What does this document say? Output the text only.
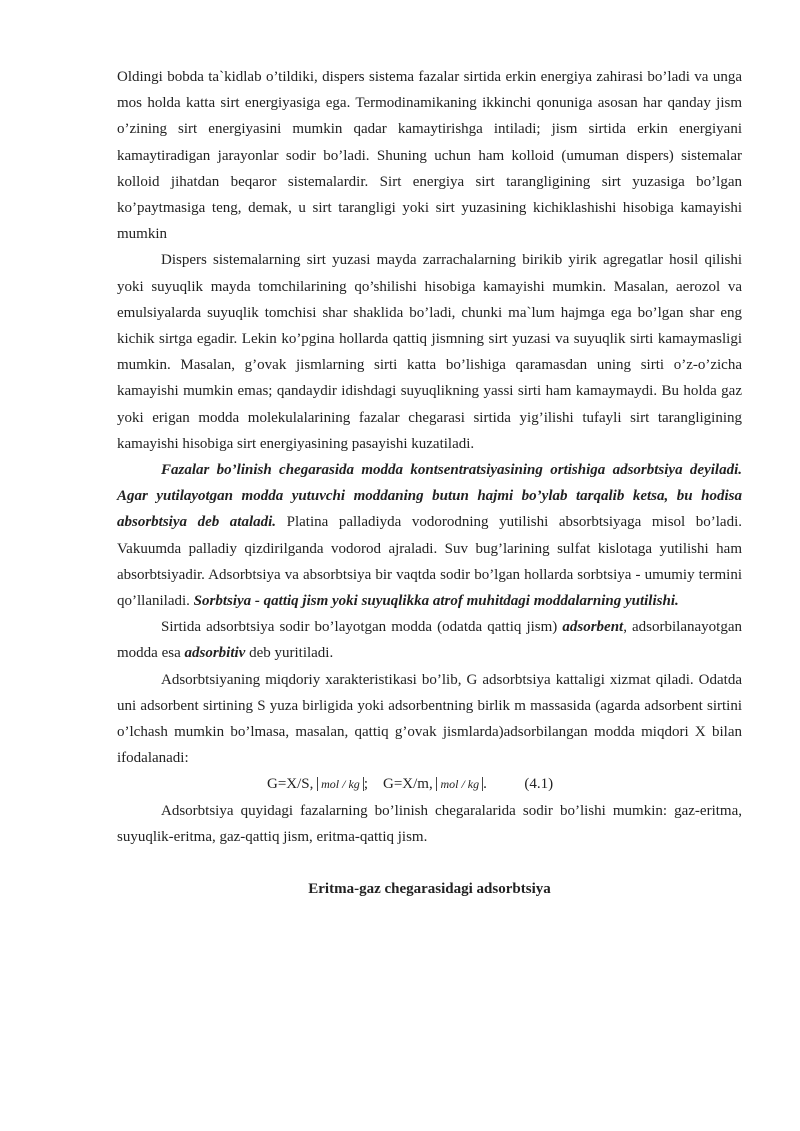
Oldingi bobda ta`kidlab o’tildiki, dispers sistema fazalar sirtida erkin energiya zahirasi bo’ladi va unga mos holda katta sirt energiyasiga ega. Termodinamikaning ikkinchi qonuniga asosan har qanday jism o’zining sirt energiyasini mumkin qadar kamaytirishga intiladi; jism sirtida erkin energiyani kamaytiradigan jarayonlar sodir bo’ladi. Shuning uchun ham kolloid (umuman dispers) sistemalar kolloid jihatdan beqaror sistemalardir. Sirt energiya sirt tarangligining sirt yuzasiga bo’lgan ko’paytmasiga teng, demak, u sirt tarangligi yoki sirt yuzasining kichiklashishi hisobiga kamayishi mumkin

Dispers sistemalarning sirt yuzasi mayda zarrachalarning birikib yirik agregatlar hosil qilishi yoki suyuqlik mayda tomchilarining qo’shilishi hisobiga kamayishi mumkin. Masalan, aerozol va emulsiyalarda suyuqlik tomchisi shar shaklida bo’ladi, chunki ma`lum hajmga ega bo’lgan shar eng kichik sirtga egadir. Lekin ko’pgina hollarda qattiq jismning sirt yuzasi va suyuqlik sirti kamaymasligi mumkin. Masalan, g’ovak jismlarning sirti katta bo’lishiga qaramasdan uning sirti o’z-o’zicha kamayishi mumkin emas; qandaydir idishdagi suyuqlikning yassi sirti ham kamaymaydi. Bu holda gaz yoki erigan modda molekulalarining fazalar chegarasi sirtida yig’ilishi tufayli sirt tarangligining kamayishi hisobiga sirt energiyasining pasayishi kuzatiladi.

Fazalar bo’linish chegarasida modda kontsentratsiyasining ortishiga adsorbtsiya deyiladi. Agar yutilayotgan modda yutuvchi moddaning butun hajmi bo’ylab tarqalib ketsa, bu hodisa absorbtsiya deb ataladi. Platina palladiyda vodorodning yutilishi absorbtsiyaga misol bo’ladi. Vakuumda palladiy qizdirilganda vodorod ajraladi. Suv bug’larining sulfat kislotaga yutilishi ham absorbtsiyadir. Adsorbtsiya va absorbtsiya bir vaqtda sodir bo’lgan hollarda sorbtsiya - umumiy termini qo’llaniladi. Sorbtsiya - qattiq jism yoki suyuqlikka atrof muhitdagi moddalarning yutilishi.

Sirtida adsorbtsiya sodir bo’layotgan modda (odatda qattiq jism) adsorbent, adsorbilanayotgan modda esa adsorbitiv deb yuritiladi.

Adsorbtsiyaning miqdoriy xarakteristikasi bo’lib, G adsorbtsiya kattaligi xizmat qiladi. Odatda uni adsorbent sirtining S yuza birligida yoki adsorbentning birlik m massasida (agarda adsorbent sirtini o’lchash mumkin bo’lmasa, masalan, qattiq g’ovak jismlarda)adsorbilangan modda miqdori X bilan ifodalanadi:

G=X/S, mol / kg ;    G=X/m, mol / kg .          (4.1)

Adsorbtsiya quyidagi fazalarning bo’linish chegaralarida sodir bo’lishi mumkin: gaz-eritma, suyuqlik-eritma, gaz-qattiq jism, eritma-qattiq jism.

Eritma-gaz chegarasidagi adsorbtsiya
